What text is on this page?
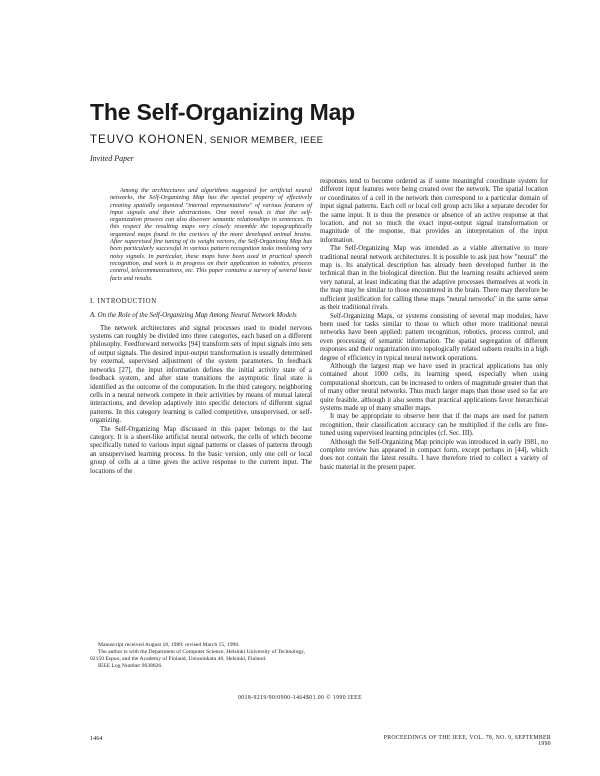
The Self-Organizing Map
TEUVO KOHONEN, SENIOR MEMBER, IEEE
Invited Paper

Among the architectures and algorithms suggested for artificial neural networks, the Self-Organizing Map has the special property of effectively creating spatially organized "internal representations" of various features of input signals and their abstractions. One novel result is that the self-organization process can also discover semantic relationships in sentences. In this respect the resulting maps very closely resemble the topographically organized maps found in the cortices of the more developed animal brains. After supervised fine tuning of its weight vectors, the Self-Organizing Map has been particularly successful in various pattern recognition tasks involving very noisy signals. In particular, these maps have been used in practical speech recognition, and work is in progress on their application to robotics, process control, telecommunications, etc. This paper contains a survey of several basic facts and results.

I. INTRODUCTION

A. On the Role of the Self-Organizing Map Among Neural Network Models

The network architectures and signal processes used to model nervous systems can roughly be divided into three categories, each based on a different philosophy. Feedforward networks [94] transform sets of input signals into sets of output signals. The desired input-output transformation is usually determined by external, supervised adjustment of the system parameters. In feedback networks [27], the input information defines the initial activity state of a feedback system, and after state transitions the asymptotic final state is identified as the outcome of the computation. In the third category, neighboring cells in a neural network compete in their activities by means of mutual lateral interactions, and develop adaptively into specific detectors of different signal patterns. In this category learning is called competitive, unsupervised, or self-organizing.

The Self-Organizing Map discussed in this paper belongs to the last category. It is a sheet-like artificial neural network, the cells of which become specifically tuned to various input signal patterns or classes of patterns through an unsupervised learning process. In the basic version, only one cell or local group of cells at a time gives the active response to the current input. The locations of the

Manuscript received August 18, 1989; revised March 15, 1990.

The author is with the Department of Computer Science, Helsinki University of Technology, 02150 Espoo, and the Academy of Finland, Unioninkatu 40, Helsinki, Finland.

IEEE Log Number 9038826.

responses tend to become ordered as if some meaningful coordinate system for different input features were being created over the network. The spatial location or coordinates of a cell in the network then correspond to a particular domain of input signal patterns. Each cell or local cell group acts like a separate decoder for the same input. It is thus the presence or absence of an active response at that location, and not so much the exact input-output signal transformation or magnitude of the response, that provides an interpretation of the input information.

The Self-Organizing Map was intended as a viable alternative to more traditional neural network architectures. It is possible to ask just how "neural" the map is. Its analytical description has already been developed further in the technical than in the biological direction. But the learning results achieved seem very natural, at least indicating that the adaptive processes themselves at work in the map may be similar to those encountered in the brain. There may therefore be sufficient justification for calling these maps "neural networks" in the same sense as their traditional rivals.

Self-Organizing Maps, or systems consisting of several map modules, have been used for tasks similar to those to which other more traditional neural networks have been applied: pattern recognition, robotics, process control, and even processing of semantic information. The spatial segregation of different responses and their organization into topologically related subsets results in a high degree of efficiency in typical neural network operations.

Although the largest map we have used in practical applications has only contained about 1000 cells, its learning speed, especially when using computational shortcuts, can be increased to orders of magnitude greater than that of many other neural networks. Thus much larger maps than those used so far are quite feasible, although it also seems that practical applications favor hierarchical systems made up of many smaller maps.

It may be appropriate to observe here that if the maps are used for pattern recognition, their classification accuracy can be multiplied if the cells are fine-tuned using supervised learning principles (cf. Sec. III).

Although the Self-Organizing Map principle was introduced in early 1981, no complete review has appeared in compact form, except perhaps in [44], which does not contain the latest results. I have therefore tried to collect a variety of basic material in the present paper.

0018-9219/90/0900-1464$01.00 © 1990 IEEE
1464	PROCEEDINGS OF THE IEEE, VOL. 78, NO. 9, SEPTEMBER 1990
